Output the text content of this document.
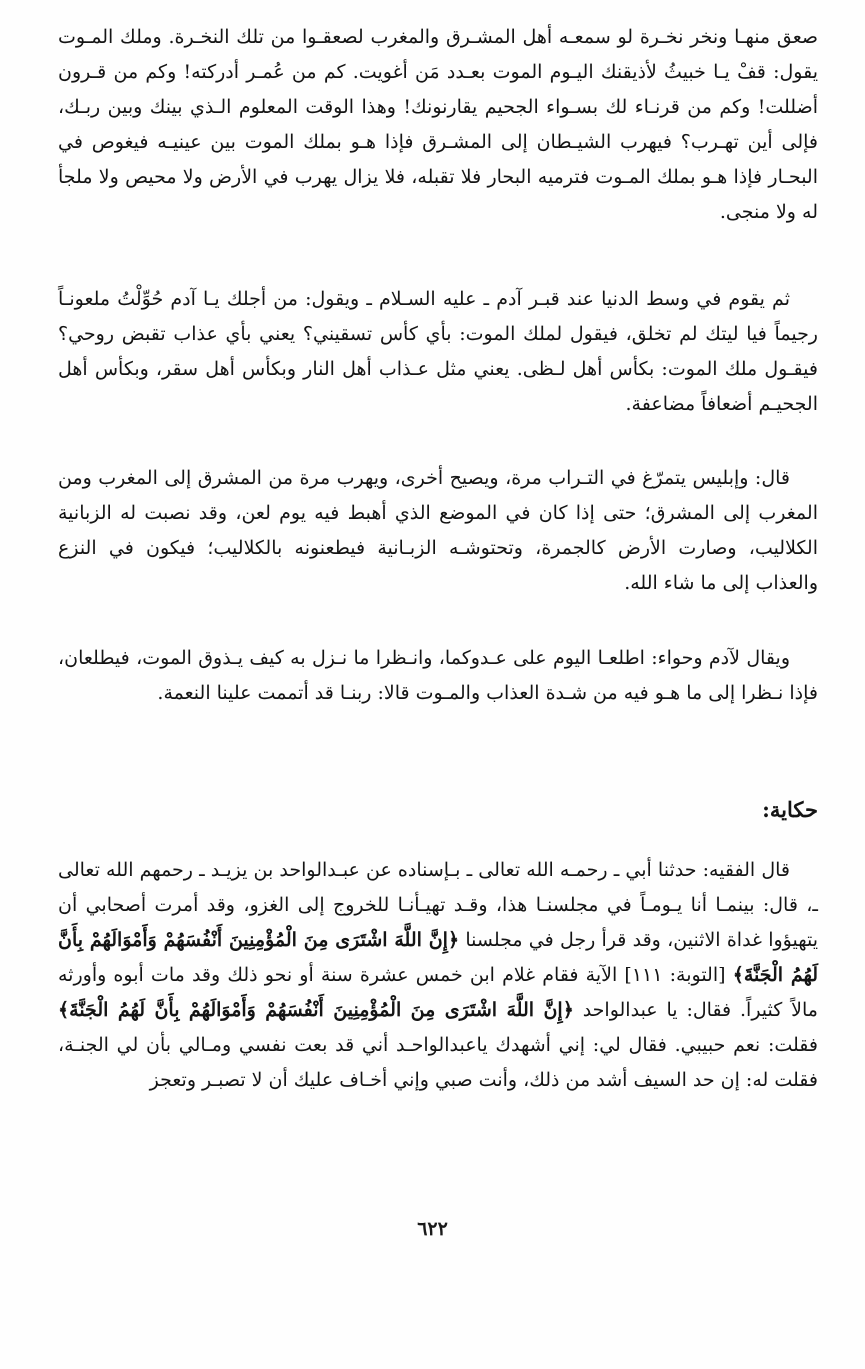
صعق منهـا ونخر نخـرة لو سمعـه أهل المشـرق والمغرب لصعقـوا من تلك النخـرة. وملك المـوت يقول: قفْ يـا خبيثُ لأذيقنك اليـوم الموت بعـدد مَن أغويت. كم من عُمـر أدركته! وكم من قـرون أضللت! وكم من قرنـاء لك بسـواء الجحيم يقارنونك! وهذا الوقت المعلوم الـذي بينك وبين ربـك، فإلى أين تهـرب؟ فيهرب الشيـطان إلى المشـرق فإذا هـو بملك الموت بين عينيـه فيغوص في البحـار فإذا هـو بملك المـوت فترميه البحار فلا تقبله، فلا يزال يهرب في الأرض ولا محيص ولا ملجأ له ولا منجى.

ثم يقوم في وسط الدنيا عند قبـر آدم ـ عليه السـلام ـ ويقول: من أجلك يـا آدم حُوِّلْتُ ملعونـاً رجيماً فيا ليتك لم تخلق، فيقول لملك الموت: بأي كأس تسقيني؟ يعني بأي عذاب تقبض روحي؟ فيقـول ملك الموت: بكأس أهل لـظى. يعني مثل عـذاب أهل النار وبكأس أهل سقر، وبكأس أهل الجحيـم أضعافاً مضاعفة.

قال: وإبليس يتمرّغ في التـراب مرة، ويصيح أخرى، ويهرب مرة من المشرق إلى المغرب ومن المغرب إلى المشرق؛ حتى إذا كان في الموضع الذي أهبط فيه يوم لعن، وقد نصبت له الزبانية الكلاليب، وصارت الأرض كالجمرة، وتحتوشـه الزبـانية فيطعنونه بالكلاليب؛ فيكون في النزع والعذاب إلى ما شاء الله.

ويقال لآدم وحواء: اطلعـا اليوم على عـدوكما، وانـظرا ما نـزل به كيف يـذوق الموت، فيطلعان، فإذا نـظرا إلى ما هـو فيه من شـدة العذاب والمـوت قالا: ربنـا قد أتممت علينا النعمة.

حكاية:

قال الفقيه: حدثنا أبي ـ رحمـه الله تعالى ـ بـإسناده عن عبـدالواحد بن يزيـد ـ رحمهم الله تعالى ـ، قال: بينمـا أنا يـومـاً في مجلسنـا هذا، وقـد تهيـأنـا للخروج إلى الغزو، وقد أمرت أصحابي أن يتهيؤوا غداة الاثنين، وقد قرأ رجل في مجلسنا ﴿إِنَّ اللَّهَ اشْتَرَى مِنَ الْمُؤْمِنِينَ أَنْفُسَهُمْ وَأَمْوَالَهُمْ بِأَنَّ لَهُمُ الْجَنَّةَ﴾ [التوبة: ١١١] الآية فقام غلام ابن خمس عشرة سنة أو نحو ذلك وقد مات أبوه وأورثه مالاً كثيراً. فقال: يا عبدالواحد ﴿إِنَّ اللَّهَ اشْتَرَى مِنَ الْمُؤْمِنِينَ أَنْفُسَهُمْ وَأَمْوَالَهُمْ بِأَنَّ لَهُمُ الْجَنَّةَ﴾ فقلت: نعم حبيبي. فقال لي: إني أشهدك ياعبدالواحـد أني قد بعت نفسي ومـالي بأن لي الجنـة، فقلت له: إن حد السيف أشد من ذلك، وأنت صبي وإني أخـاف عليك أن لا تصبـر وتعجز

٦٢٢
